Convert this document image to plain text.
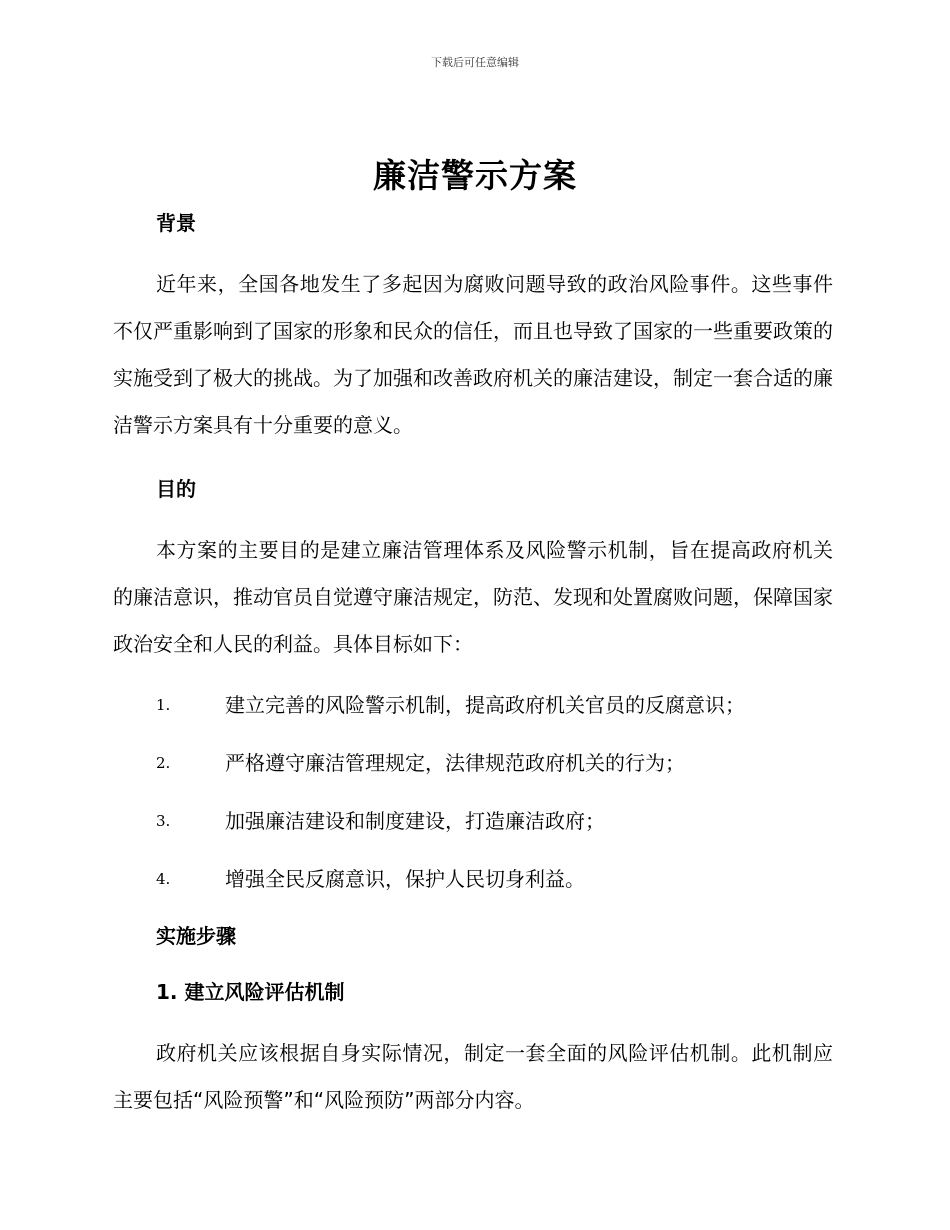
下载后可任意编辑
廉洁警示方案

背景

近年来，全国各地发生了多起因为腐败问题导致的政治风险事件。这些事件不仅严重影响到了国家的形象和民众的信任，而且也导致了国家的一些重要政策的实施受到了极大的挑战。为了加强和改善政府机关的廉洁建设，制定一套合适的廉洁警示方案具有十分重要的意义。

目的

本方案的主要目的是建立廉洁管理体系及风险警示机制，旨在提高政府机关的廉洁意识，推动官员自觉遵守廉洁规定，防范、发现和处置腐败问题，保障国家政治安全和人民的利益。具体目标如下：

1.	建立完善的风险警示机制，提高政府机关官员的反腐意识；
2.	严格遵守廉洁管理规定，法律规范政府机关的行为；
3.	加强廉洁建设和制度建设，打造廉洁政府；
4.	增强全民反腐意识，保护人民切身利益。

实施步骤

1. 建立风险评估机制

政府机关应该根据自身实际情况，制定一套全面的风险评估机制。此机制应主要包括“风险预警”和“风险预防”两部分内容。
